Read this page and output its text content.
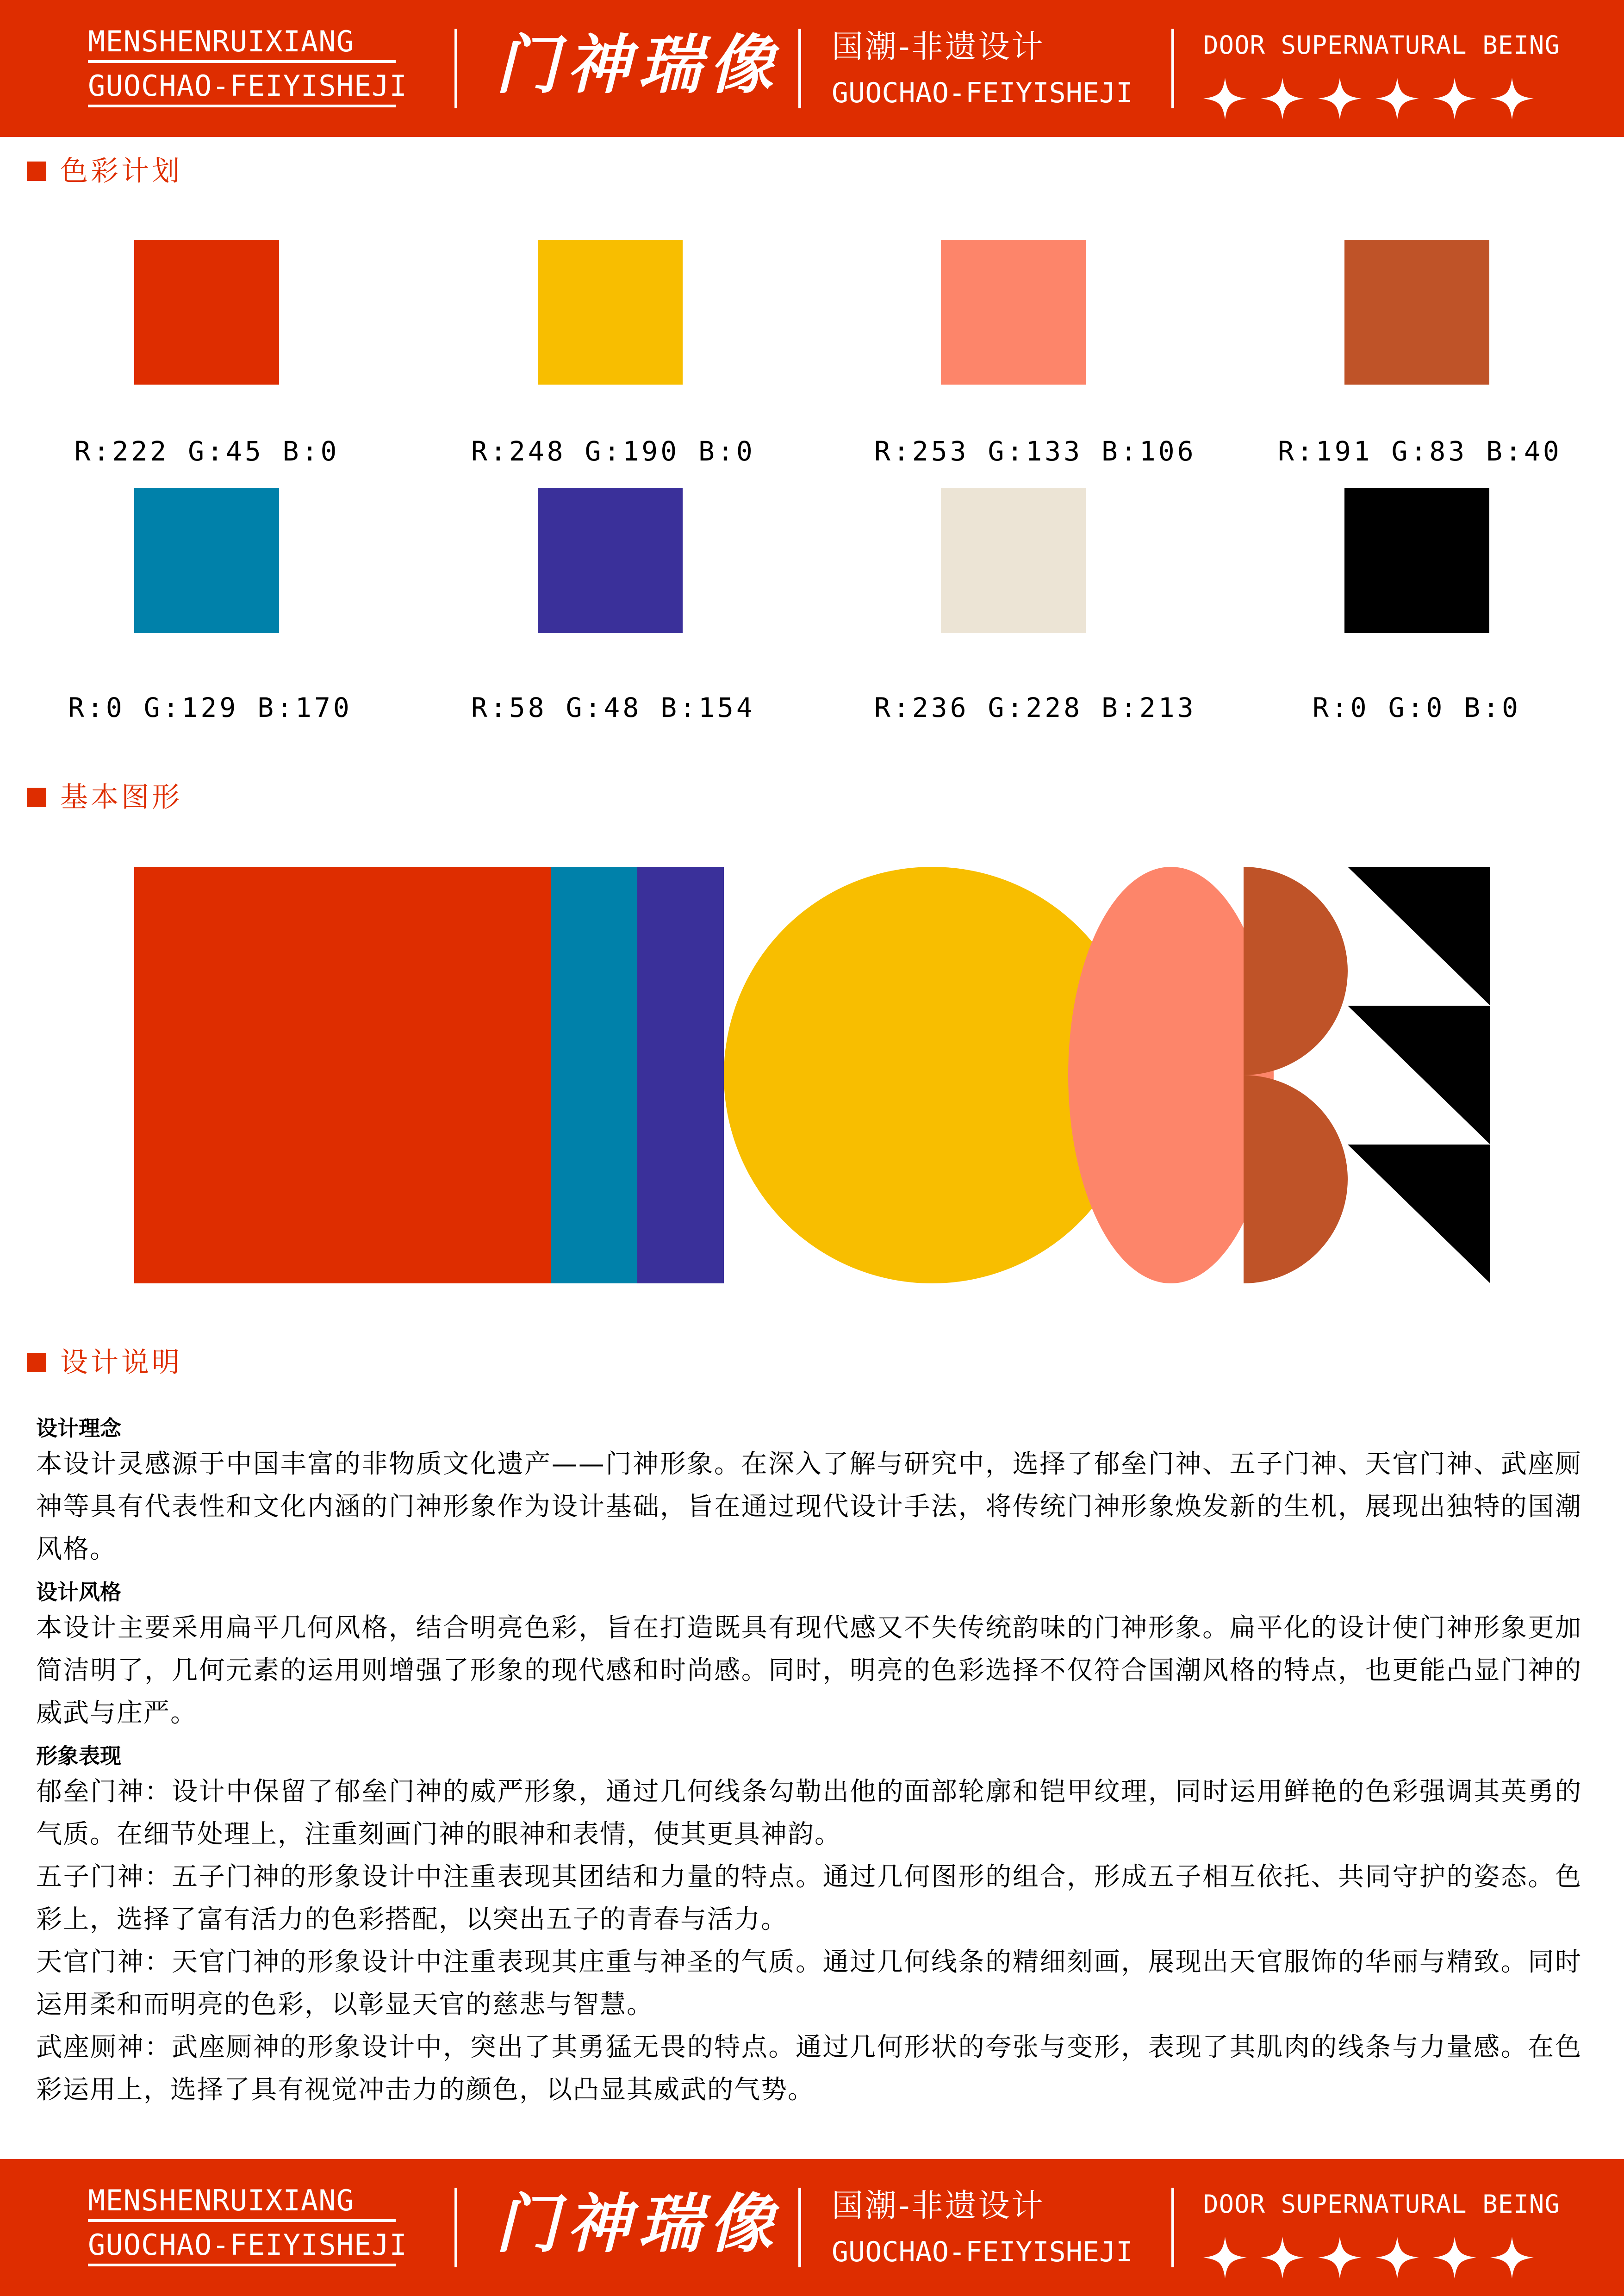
MENSHENRUIXIANG
GUOCHAO-FEIYISHEJI 门神瑞像 国潮-非遗设计
GUOCHAO-FEIYISHEJI
DOOR SUPERNATURAL BEING
色彩计划
R:222 G:45 B:0	R:248 G:190 B:0	R:253 G:133 B:106	R:191 G:83 B:40
R:0 G:129 B:170	R:58 G:48 B:154	R:236 G:228 B:213	R:0 G:0 B:0
基本图形
设计说明
设计理念
本设计灵感源于中国丰富的非物质文化遗产——门神形象。在深入了解与研究中，选择了郁垒门神、五子门神、天官门神、武座厕神等具有代表性和文化内涵的门神形象作为设计基础，旨在通过现代设计手法，将传统门神形象焕发新的生机，展现出独特的国潮风格。
设计风格
本设计主要采用扁平几何风格，结合明亮色彩，旨在打造既具有现代感又不失传统韵味的门神形象。扁平化的设计使门神形象更加简洁明了，几何元素的运用则增强了形象的现代感和时尚感。同时，明亮的色彩选择不仅符合国潮风格的特点，也更能凸显门神的威武与庄严。
形象表现
郁垒门神：设计中保留了郁垒门神的威严形象，通过几何线条勾勒出他的面部轮廓和铠甲纹理，同时运用鲜艳的色彩强调其英勇的气质。在细节处理上，注重刻画门神的眼神和表情，使其更具神韵。
五子门神：五子门神的形象设计中注重表现其团结和力量的特点。通过几何图形的组合，形成五子相互依托、共同守护的姿态。色彩上，选择了富有活力的色彩搭配，以突出五子的青春与活力。
天官门神：天官门神的形象设计中注重表现其庄重与神圣的气质。通过几何线条的精细刻画，展现出天官服饰的华丽与精致。同时运用柔和而明亮的色彩，以彰显天官的慈悲与智慧。
武座厕神：武座厕神的形象设计中，突出了其勇猛无畏的特点。通过几何形状的夸张与变形，表现了其肌肉的线条与力量感。在色彩运用上，选择了具有视觉冲击力的颜色，以凸显其威武的气势。
MENSHENRUIXIANG
GUOCHAO-FEIYISHEJI 门神瑞像 国潮-非遗设计
GUOCHAO-FEIYISHEJI
DOOR SUPERNATURAL BEING
